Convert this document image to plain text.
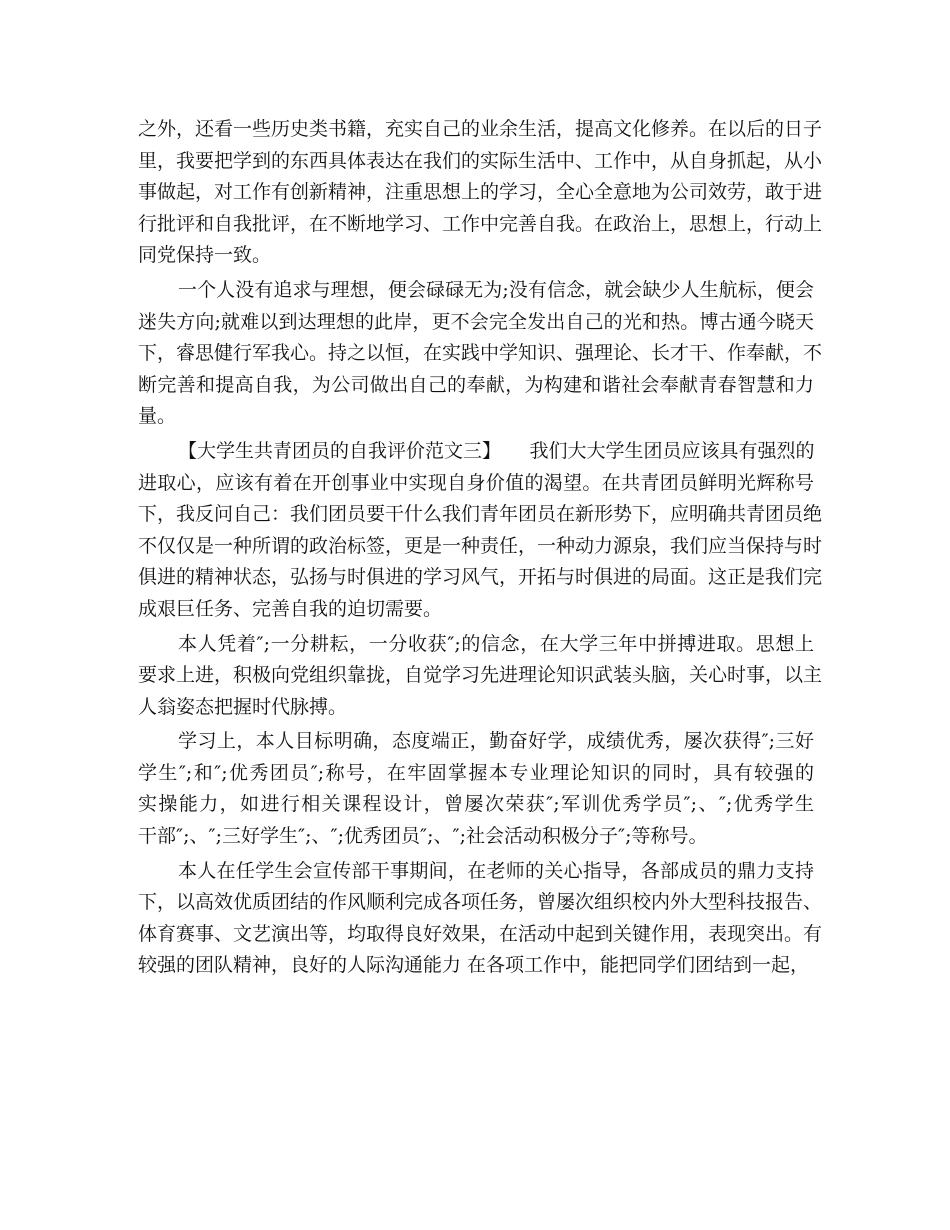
之外，还看一些历史类书籍，充实自己的业余生活，提高文化修养。在以后的日子
里，我要把学到的东西具体表达在我们的实际生活中、工作中，从自身抓起，从小
事做起，对工作有创新精神，注重思想上的学习，全心全意地为公司效劳，敢于进
行批评和自我批评，在不断地学习、工作中完善自我。在政治上，思想上，行动上
同党保持一致。
一个人没有追求与理想，便会碌碌无为;没有信念，就会缺少人生航标，便会
迷失方向;就难以到达理想的此岸，更不会完全发出自己的光和热。博古通今晓天
下，睿思健行军我心。持之以恒，在实践中学知识、强理论、长才干、作奉献，不
断完善和提高自我，为公司做出自己的奉献，为构建和谐社会奉献青春智慧和力
量。
【大学生共青团员的自我评价范文三】　　我们大大学生团员应该具有强烈的
进取心，应该有着在开创事业中实现自身价值的渴望。在共青团员鲜明光辉称号
下，我反问自己：我们团员要干什么我们青年团员在新形势下，应明确共青团员绝
不仅仅是一种所谓的政治标签，更是一种责任，一种动力源泉，我们应当保持与时
俱进的精神状态，弘扬与时俱进的学习风气，开拓与时俱进的局面。这正是我们完
成艰巨任务、完善自我的迫切需要。
本人凭着″;一分耕耘，一分收获″;的信念，在大学三年中拼搏进取。思想上
要求上进，积极向党组织靠拢，自觉学习先进理论知识武装头脑，关心时事，以主
人翁姿态把握时代脉搏。
学习上，本人目标明确，态度端正，勤奋好学，成绩优秀，屡次获得″;三好
学生″;和″;优秀团员″;称号，在牢固掌握本专业理论知识的同时，具有较强的
实操能力，如进行相关课程设计，曾屡次荣获″;军训优秀学员″;、″;优秀学生
干部″;、″;三好学生″;、″;优秀团员″;、″;社会活动积极分子″;等称号。
本人在任学生会宣传部干事期间，在老师的关心指导，各部成员的鼎力支持
下，以高效优质团结的作风顺利完成各项任务，曾屡次组织校内外大型科技报告、
体育赛事、文艺演出等，均取得良好效果，在活动中起到关键作用，表现突出。有
较强的团队精神，良好的人际沟通能力 在各项工作中，能把同学们团结到一起，
